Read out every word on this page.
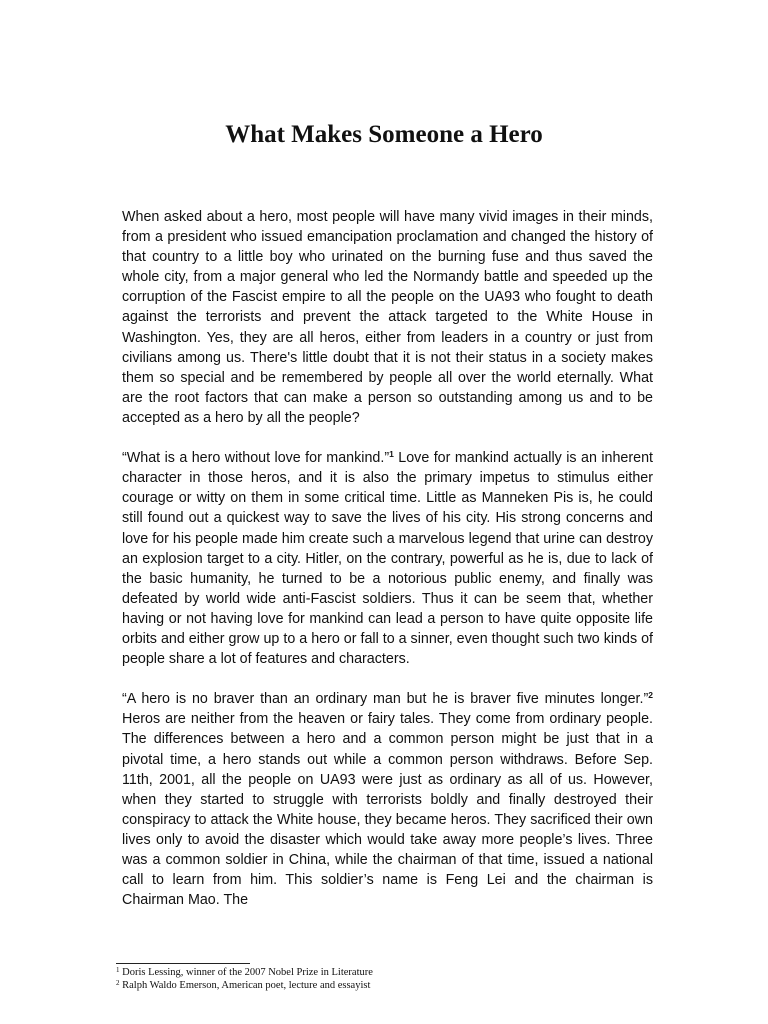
What Makes Someone a Hero

When asked about a hero, most people will have many vivid images in their minds, from a president who issued emancipation proclamation and changed the history of that country to a little boy who urinated on the burning fuse and thus saved the whole city, from a major general who led the Normandy battle and speeded up the corruption of the Fascist empire to all the people on the UA93 who fought to death against the terrorists and prevent the attack targeted to the White House in Washington. Yes, they are all heros, either from leaders in a country or just from civilians among us. There's little doubt that it is not their status in a society makes them so special and be remembered by people all over the world eternally. What are the root factors that can make a person so outstanding among us and to be accepted as a hero by all the people?

“What is a hero without love for mankind.”$^1$ Love for mankind actually is an inherent character in those heros, and it is also the primary impetus to stimulus either courage or witty on them in some critical time. Little as Manneken Pis is, he could still found out a quickest way to save the lives of his city. His strong concerns and love for his people made him create such a marvelous legend that urine can destroy an explosion target to a city. Hitler, on the contrary, powerful as he is, due to lack of the basic humanity, he turned to be a notorious public enemy, and finally was defeated by world wide anti-Fascist soldiers. Thus it can be seem that, whether having or not having love for mankind can lead a person to have quite opposite life orbits and either grow up to a hero or fall to a sinner, even thought such two kinds of people share a lot of features and characters.

“A hero is no braver than an ordinary man but he is braver five minutes longer.”$^2$ Heros are neither from the heaven or fairy tales. They come from ordinary people. The differences between a hero and a common person might be just that in a pivotal time, a hero stands out while a common person withdraws. Before Sep. 11th, 2001, all the people on UA93 were just as ordinary as all of us. However, when they started to struggle with terrorists boldly and finally destroyed their conspiracy to attack the White house, they became heros. They sacrificed their own lives only to avoid the disaster which would take away more people’s lives. Three was a common soldier in China, while the chairman of that time, issued a national call to learn from him. This soldier’s name is Feng Lei and the chairman is Chairman Mao. The

$^1$ Doris Lessing, winner of the 2007 Nobel Prize in Literature
$^2$ Ralph Waldo Emerson, American poet, lecture and essayist
